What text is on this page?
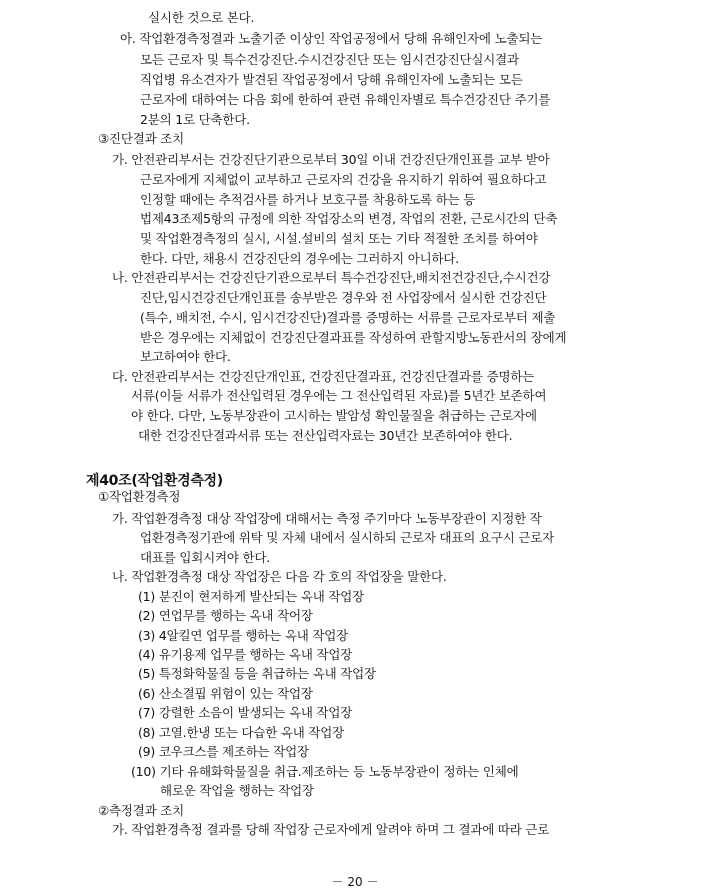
실시한 것으로 본다.
아. 작업환경측정결과 노출기준 이상인 작업공정에서 당해 유해인자에 노출되는
모든 근로자 및 특수건강진단.수시건강진단 또는 임시건강진단실시결과
직업병 유소견자가 발견된 작업공정에서 당해 유해인자에 노출되는 모든
근로자에 대하여는 다음 회에 한하여 관련 유해인자별로 특수건강진단 주기를
2분의 1로 단축한다.
③진단결과 조치
가. 안전관리부서는 건강진단기관으로부터 30일 이내 건강진단개인표를 교부 받아
근로자에게 지체없이 교부하고 근로자의 건강을 유지하기 위하여 필요하다고
인정할 때에는 추적검사를 하거나 보호구를 착용하도록 하는 등
법제43조제5항의 규정에 의한 작업장소의 변경, 작업의 전환, 근로시간의 단축
및 작업환경측정의 실시, 시설.설비의 설치 또는 기타 적절한 조치를 하여야
한다. 다만, 채용시 건강진단의 경우에는 그러하지 아니하다.
나. 안전관리부서는 건강진단기관으로부터 특수건강진단,배치전건강진단,수시건강
진단,임시건강진단개인표를 송부받은 경우와 전 사업장에서 실시한 건강진단
(특수, 배치전, 수시, 임시건강진단)결과를 증명하는 서류를 근로자로부터 제출
받은 경우에는 지체없이 건강진단결과표를 작성하여 관할지방노동관서의 장에게
보고하여야 한다.
다. 안전관리부서는 건강진단개인표, 건강진단결과표, 건강진단결과를 증명하는
서류(이들 서류가 전산입력된 경우에는 그 전산입력된 자료)를 5년간 보존하여
야 한다. 다만, 노동부장관이 고시하는 발암성 확인물질을 취급하는 근로자에
대한 건강진단결과서류 또는 전산입력자료는 30년간 보존하여야 한다.
제40조(작업환경측정)
①작업환경측정
가. 작업환경측정 대상 작업장에 대해서는 측정 주기마다 노동부장관이 지정한 작
업환경측정기관에 위탁 및 자체 내에서 실시하되 근로자 대표의 요구시 근로자
대표를 입회시켜야 한다.
나. 작업환경측정 대상 작업장은 다음 각 호의 작업장을 말한다.
(1) 분진이 현저하게 발산되는 옥내 작업장
(2) 연업무를 행하는 옥내 작어장
(3) 4알킬연 업무를 행하는 옥내 작업장
(4) 유기용제 업무를 행하는 옥내 작업장
(5) 특정화학물질 등을 취급하는 옥내 작업장
(6) 산소결핍 위험이 있는 작업장
(7) 강렬한 소음이 발생되는 옥내 작업장
(8) 고열.한냉 또는 다습한 옥내 작업장
(9) 코우크스를 제조하는 작업장
(10) 기타 유해화학물질을 취급.제조하는 등 노동부장관이 정하는 인체에
해로운 작업을 행하는 작업장
②측정결과 조치
가. 작업환경측정 결과를 당해 작업장 근로자에게 알려야 하며 그 결과에 따라 근로
－ 20 －
